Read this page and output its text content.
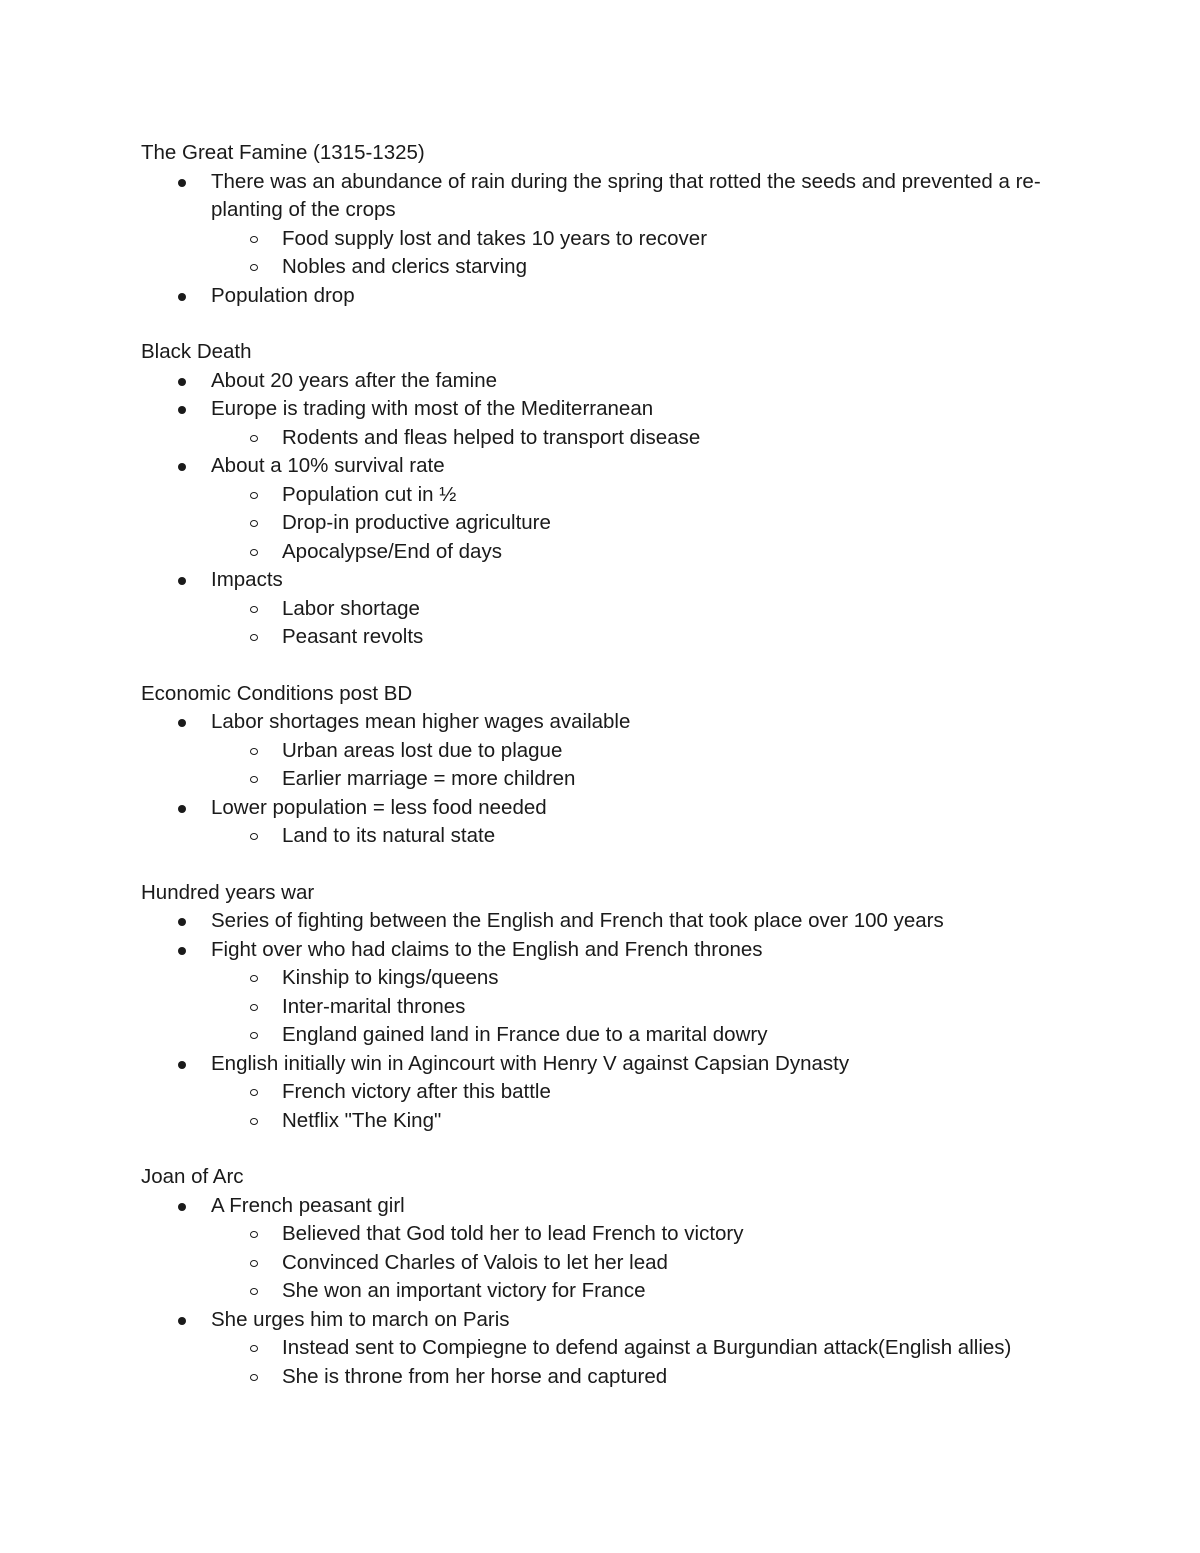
The Great Famine (1315-1325)
There was an abundance of rain during the spring that rotted the seeds and prevented a re-planting of the crops
Food supply lost and takes 10 years to recover
Nobles and clerics starving
Population drop
Black Death
About 20 years after the famine
Europe is trading with most of the Mediterranean
Rodents and fleas helped to transport disease
About a 10% survival rate
Population cut in ½
Drop-in productive agriculture
Apocalypse/End of days
Impacts
Labor shortage
Peasant revolts
Economic Conditions post BD
Labor shortages mean higher wages available
Urban areas lost due to plague
Earlier marriage = more children
Lower population = less food needed
Land to its natural state
Hundred years war
Series of fighting between the English and French that took place over 100 years
Fight over who had claims to the English and French thrones
Kinship to kings/queens
Inter-marital thrones
England gained land in France due to a marital dowry
English initially win in Agincourt with Henry V against Capsian Dynasty
French victory after this battle
Netflix "The King"
Joan of Arc
A French peasant girl
Believed that God told her to lead French to victory
Convinced Charles of Valois to let her lead
She won an important victory for France
She urges him to march on Paris
Instead sent to Compiegne to defend against a Burgundian attack(English allies)
She is throne from her horse and captured
